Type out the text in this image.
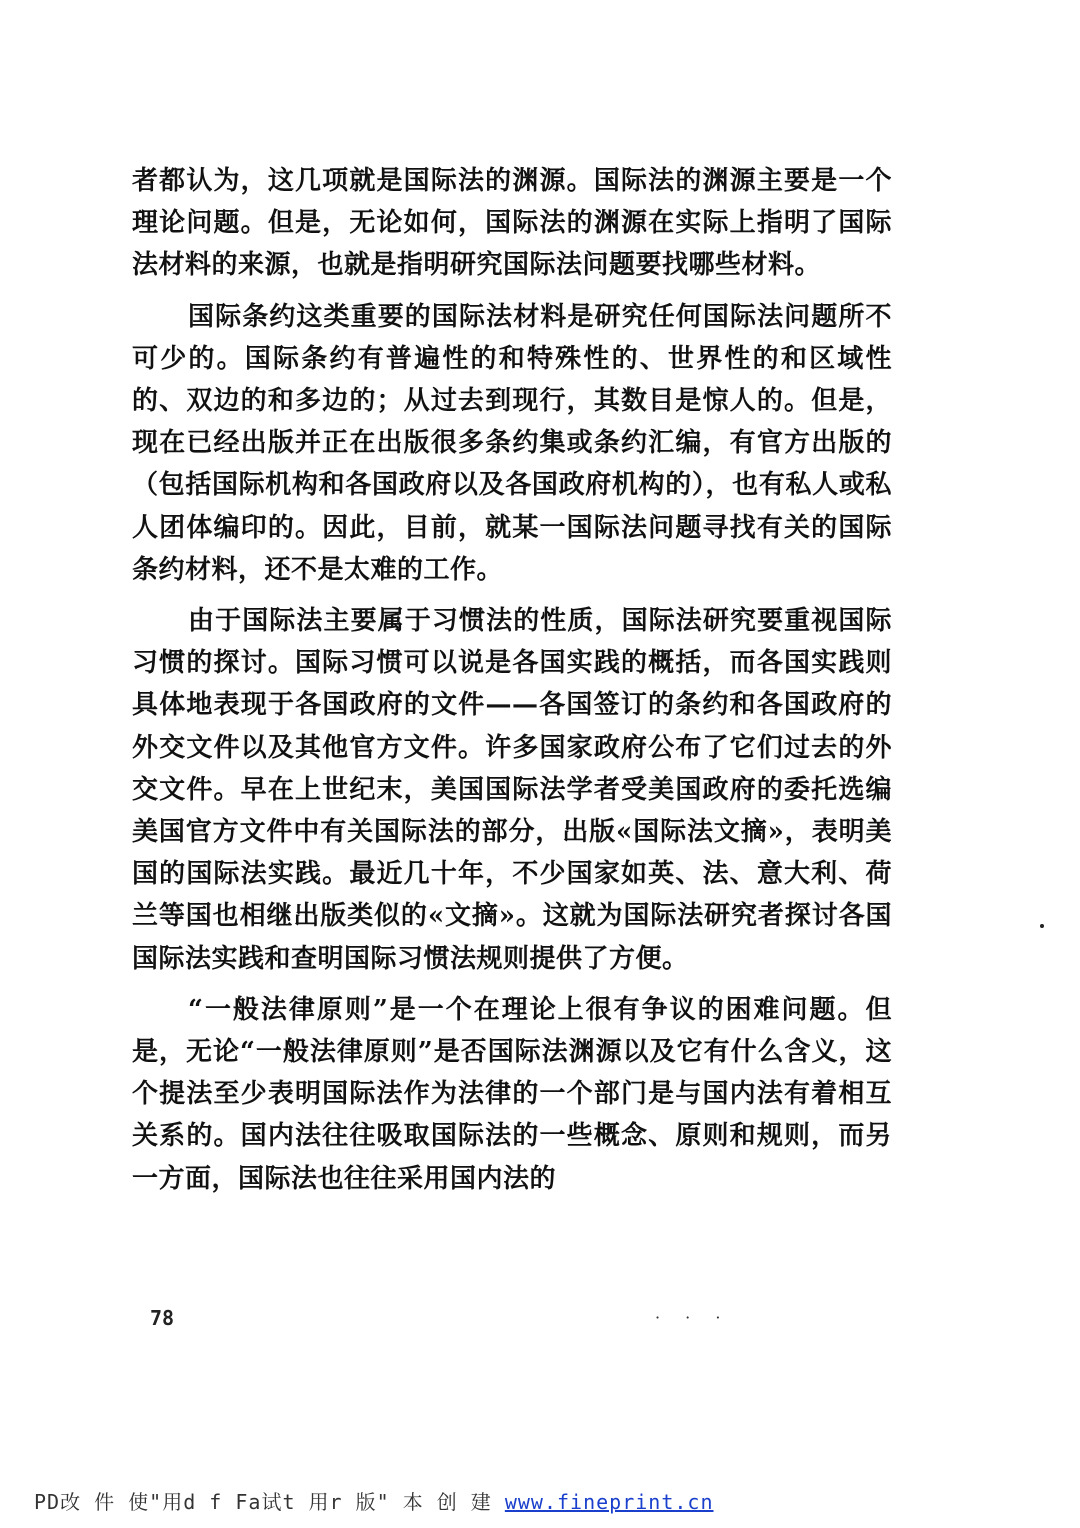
者都认为，这几项就是国际法的渊源。国际法的渊源主要是一个理论问题。但是，无论如何，国际法的渊源在实际上指明了国际法材料的来源，也就是指明研究国际法问题要找哪些材料。

国际条约这类重要的国际法材料是研究任何国际法问题所不可少的。国际条约有普遍性的和特殊性的、世界性的和区域性的、双边的和多边的；从过去到现行，其数目是惊人的。但是，现在已经出版并正在出版很多条约集或条约汇编，有官方出版的（包括国际机构和各国政府以及各国政府机构的），也有私人或私人团体编印的。因此，目前，就某一国际法问题寻找有关的国际条约材料，还不是太难的工作。

由于国际法主要属于习惯法的性质，国际法研究要重视国际习惯的探讨。国际习惯可以说是各国实践的概括，而各国实践则具体地表现于各国政府的文件——各国签订的条约和各国政府的外交文件以及其他官方文件。许多国家政府公布了它们过去的外交文件。早在上世纪末，美国国际法学者受美国政府的委托选编美国官方文件中有关国际法的部分，出版«国际法文摘»，表明美国的国际法实践。最近几十年，不少国家如英、法、意大利、荷兰等国也相继出版类似的«文摘»。这就为国际法研究者探讨各国国际法实践和查明国际习惯法规则提供了方便。

“一般法律原则”是一个在理论上很有争议的困难问题。但是，无论“一般法律原则”是否国际法渊源以及它有什么含义，这个提法至少表明国际法作为法律的一个部门是与国内法有着相互关系的。国内法往往吸取国际法的一些概念、原则和规则，而另一方面，国际法也往往采用国内法的

78	· · ·
PD改 件 使"用d f Fa试t 用r 版" 本 创 建 www.fineprint.cn
